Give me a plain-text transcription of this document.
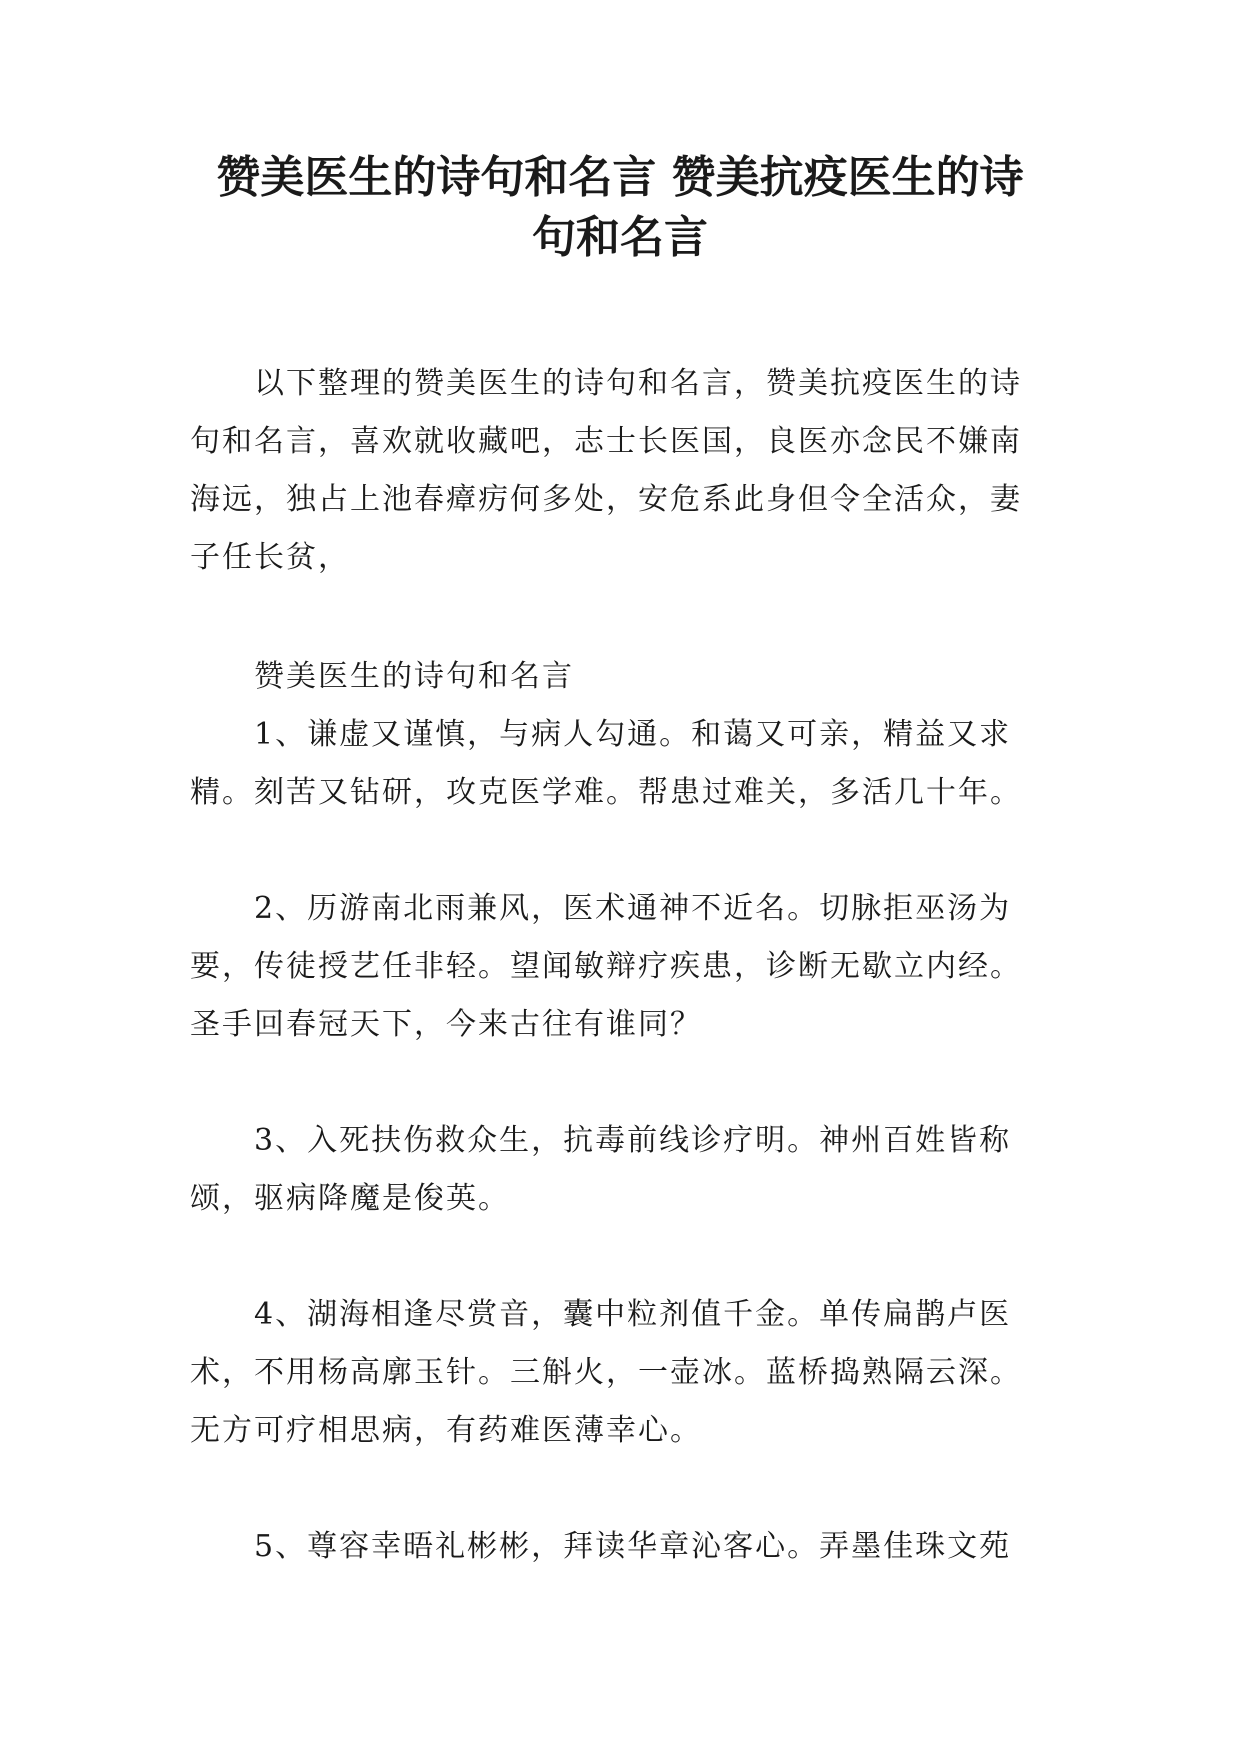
赞美医生的诗句和名言 赞美抗疫医生的诗
句和名言

以下整理的赞美医生的诗句和名言，赞美抗疫医生的诗句和名言，喜欢就收藏吧，志士长医国，良医亦念民不嫌南海远，独占上池春瘴疠何多处，安危系此身但令全活众，妻子任长贫，

赞美医生的诗句和名言

1、谦虚又谨慎，与病人勾通。和蔼又可亲，精益又求精。刻苦又钻研，攻克医学难。帮患过难关，多活几十年。

2、历游南北雨兼风，医术通神不近名。切脉拒巫汤为要，传徒授艺任非轻。望闻敏辩疗疾患，诊断无歇立内经。圣手回春冠天下，今来古往有谁同？

3、入死扶伤救众生，抗毒前线诊疗明。神州百姓皆称颂，驱病降魔是俊英。

4、湖海相逢尽赏音，囊中粒剂值千金。单传扁鹊卢医术，不用杨高廓玉针。三斛火，一壶冰。蓝桥捣熟隔云深。无方可疗相思病，有药难医薄幸心。

5、尊容幸晤礼彬彬，拜读华章沁客心。弄墨佳珠文苑
